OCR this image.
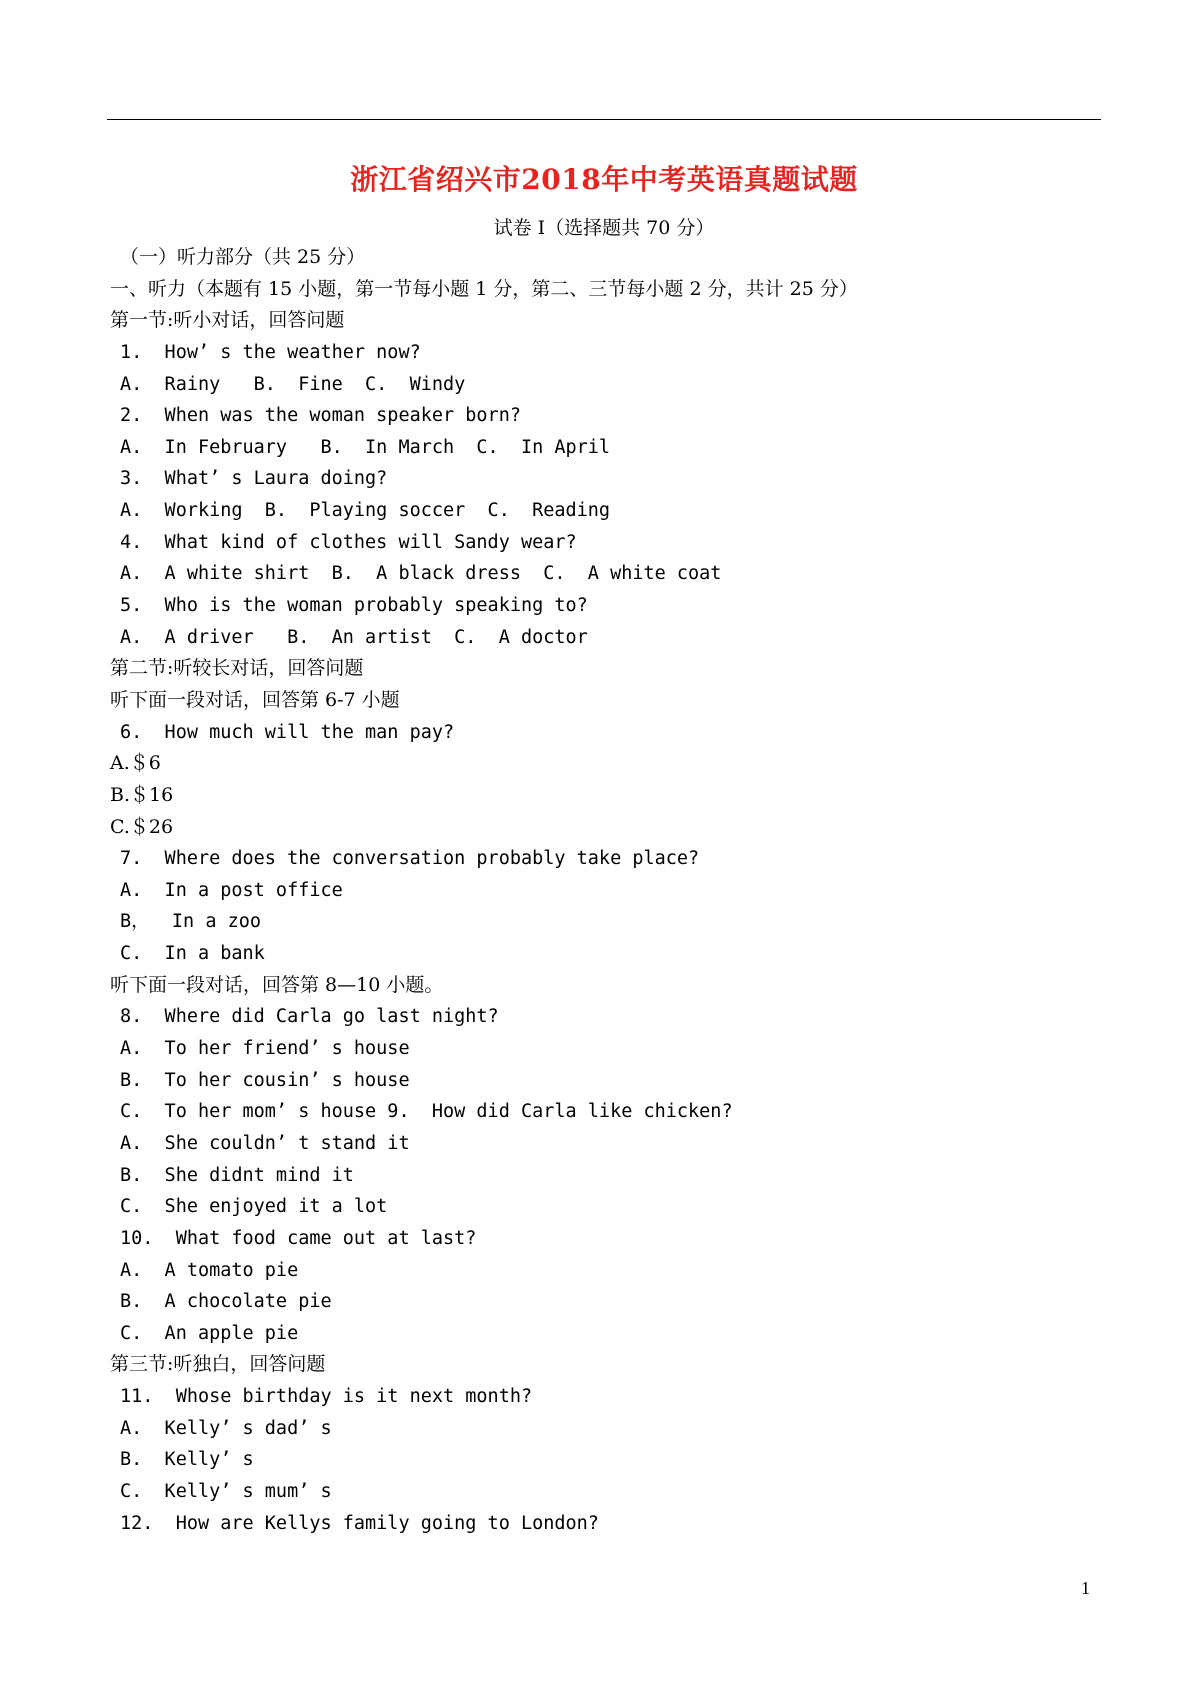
浙江省绍兴市2018年中考英语真题试题
试卷 I（选择题共 70 分）
（一）听力部分（共 25 分）
一、听力（本题有 15 小题，第一节每小题 1 分，第二、三节每小题 2 分，共计 25 分）
第一节:听小对话，回答问题
1.  How’ s the weather now?
A.  Rainy   B.  Fine  C.  Windy
2.  When was the woman speaker born?
A.  In February   B.  In March  C.  In April
3.  What’ s Laura doing?
A.  Working  B.  Playing soccer  C.  Reading
4.  What kind of clothes will Sandy wear?
A.  A white shirt  B.  A black dress  C.  A white coat
5.  Who is the woman probably speaking to?
A.  A driver   B.  An artist  C.  A doctor
第二节:听较长对话，回答问题
听下面一段对话，回答第 6-7 小题
6.  How much will the man pay?
A.＄6
B.＄16
C.＄26
7.  Where does the conversation probably take place?
A.  In a post office
B，  In a zoo
C.  In a bank
听下面一段对话，回答第 8—10 小题。
8.  Where did Carla go last night?
A.  To her friend’ s house
B.  To her cousin’ s house
C.  To her mom’ s house 9.  How did Carla like chicken?
A.  She couldn’ t stand it
B.  She didnt mind it
C.  She enjoyed it a lot
10.  What food came out at last?
A.  A tomato pie
B.  A chocolate pie
C.  An apple pie
第三节:听独白，回答问题
11.  Whose birthday is it next month?
A.  Kelly’ s dad’ s
B.  Kelly’ s
C.  Kelly’ s mum’ s
12.  How are Kellys family going to London?
1
